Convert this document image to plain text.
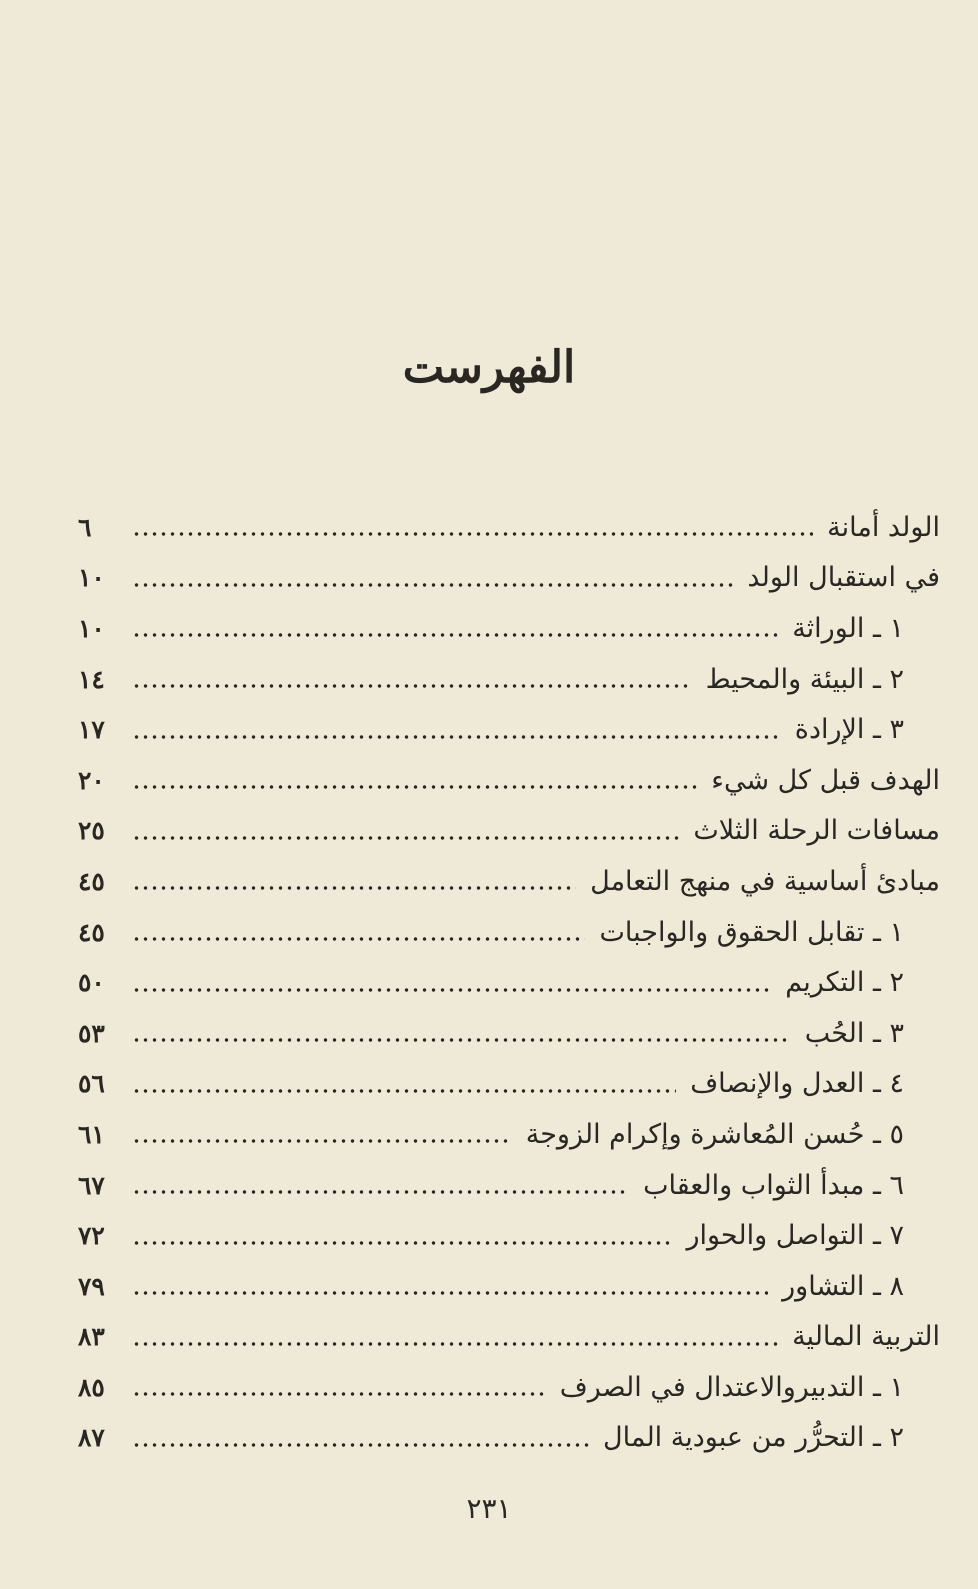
الفهرست
الولد أمانة
٦
في استقبال الولد
١٠
١ ـ الوراثة
١٠
٢ ـ البيئة والمحيط
١٤
٣ ـ الإرادة
١٧
الهدف قبل كل شيء
٢٠
مسافات الرحلة الثلاث
٢٥
مبادئ أساسية في منهج التعامل
٤٥
١ ـ تقابل الحقوق والواجبات
٤٥
٢ ـ التكريم
٥٠
٣ ـ الحُب
٥٣
٤ ـ العدل والإنصاف
٥٦
٥ ـ حُسن المُعاشرة وإكرام الزوجة
٦١
٦ ـ مبدأ الثواب والعقاب
٦٧
٧ ـ التواصل والحوار
٧٢
٨ ـ التشاور
٧٩
التربية المالية
٨٣
١ ـ التدبيروالاعتدال في الصرف
٨٥
٢ ـ التحرُّر من عبودية المال
٨٧
٢٣١
